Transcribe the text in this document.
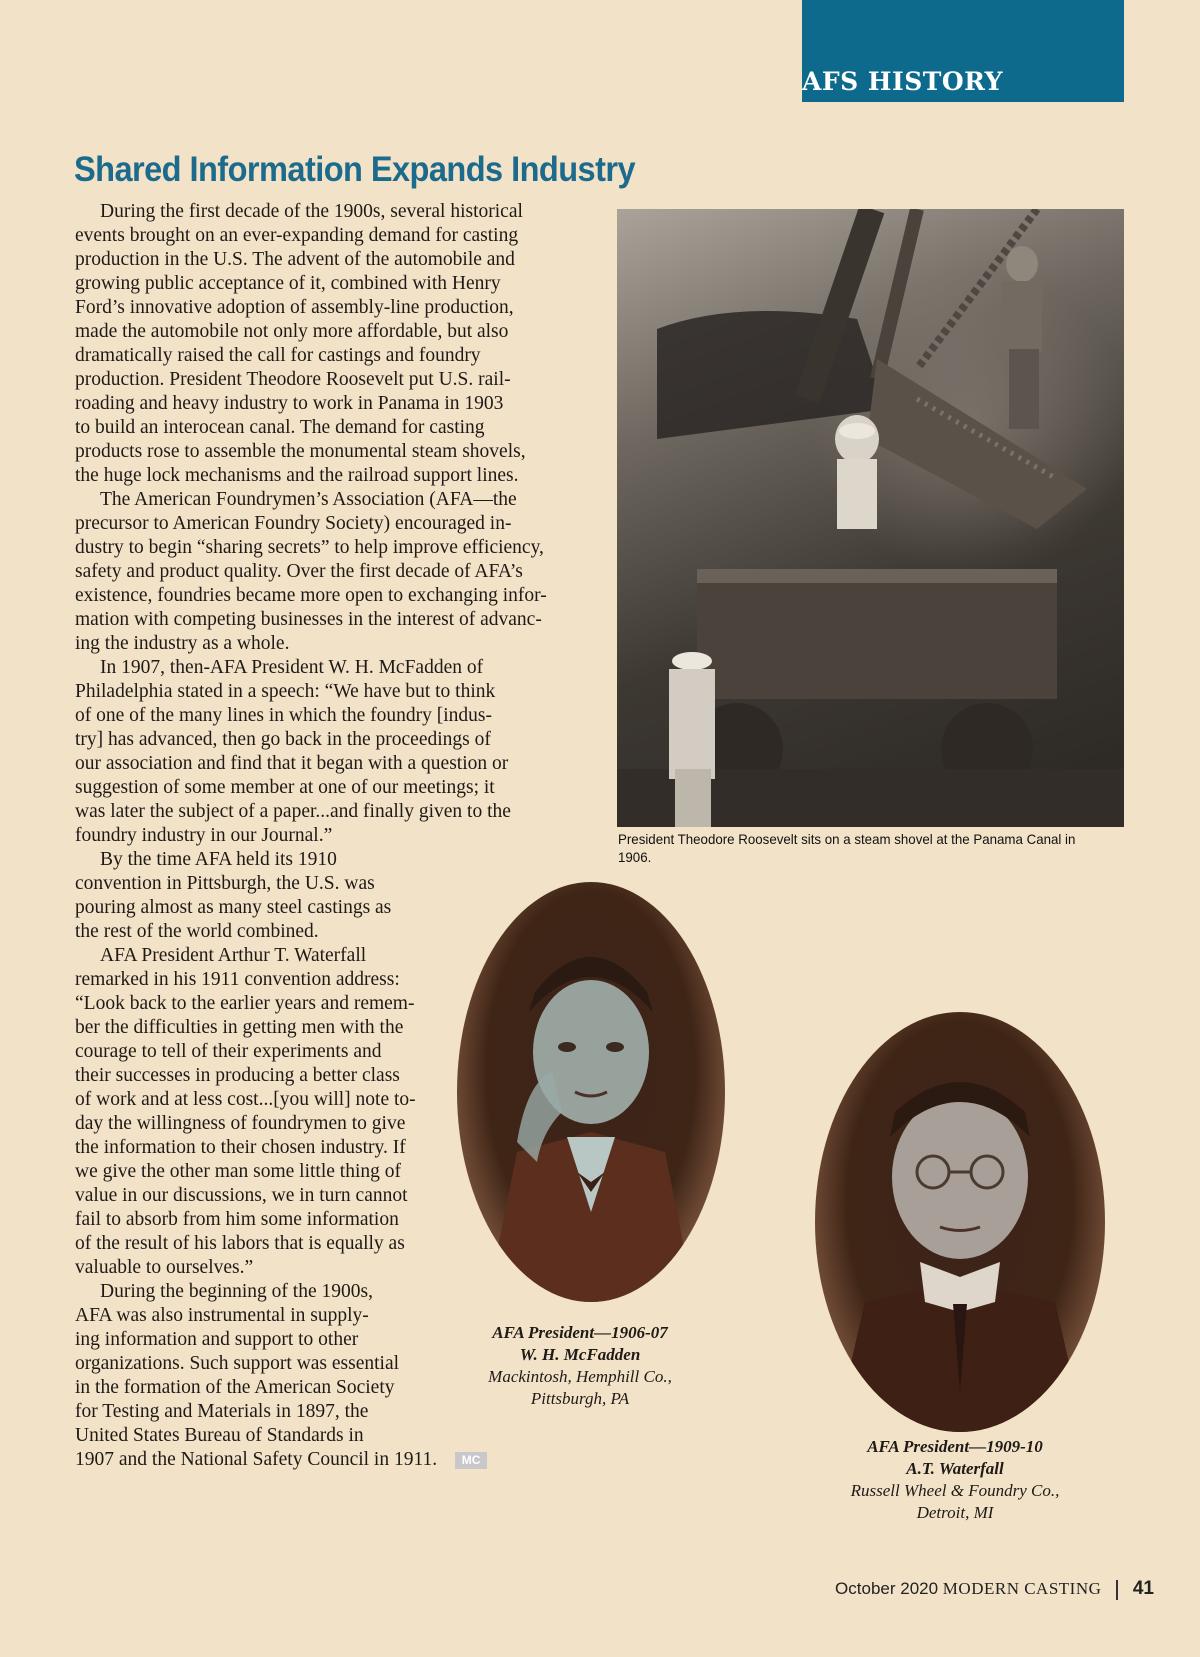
AFS HISTORY
Shared Information Expands Industry
During the first decade of the 1900s, several historical
events brought on an ever-expanding demand for casting
production in the U.S. The advent of the automobile and
growing public acceptance of it, combined with Henry
Ford’s innovative adoption of assembly-line production,
made the automobile not only more affordable, but also
dramatically raised the call for castings and foundry
production. President Theodore Roosevelt put U.S. rail-
roading and heavy industry to work in Panama in 1903
to build an interocean canal. The demand for casting
products rose to assemble the monumental steam shovels,
the huge lock mechanisms and the railroad support lines.
The American Foundrymen’s Association (AFA—the
precursor to American Foundry Society) encouraged in-
dustry to begin “sharing secrets” to help improve efficiency,
safety and product quality. Over the first decade of AFA’s
existence, foundries became more open to exchanging infor-
mation with competing businesses in the interest of advanc-
ing the industry as a whole.
In 1907, then-AFA President W. H. McFadden of
Philadelphia stated in a speech: “We have but to think
of one of the many lines in which the foundry [indus-
try] has advanced, then go back in the proceedings of
our association and find that it began with a question or
suggestion of some member at one of our meetings; it
was later the subject of a paper...and finally given to the
foundry industry in our Journal.”
By the time AFA held its 1910
convention in Pittsburgh, the U.S. was
pouring almost as many steel castings as
the rest of the world combined.
AFA President Arthur T. Waterfall
remarked in his 1911 convention address:
“Look back to the earlier years and remem-
ber the difficulties in getting men with the
courage to tell of their experiments and
their successes in producing a better class
of work and at less cost...[you will] note to-
day the willingness of foundrymen to give
the information to their chosen industry. If
we give the other man some little thing of
value in our discussions, we in turn cannot
fail to absorb from him some information
of the result of his labors that is equally as
valuable to ourselves.”
During the beginning of the 1900s,
AFA was also instrumental in supply-
ing information and support to other
organizations. Such support was essential
in the formation of the American Society
for Testing and Materials in 1897, the
United States Bureau of Standards in
1907 and the National Safety Council in 1911. MC
President Theodore Roosevelt sits on a steam shovel at the Panama Canal in 1906.
AFA President—1906-07
W. H. McFadden
Mackintosh, Hemphill Co.,
Pittsburgh, PA
AFA President—1909-10
A.T. Waterfall
Russell Wheel & Foundry Co.,
Detroit, MI
October 2020 MODERN CASTING 41
